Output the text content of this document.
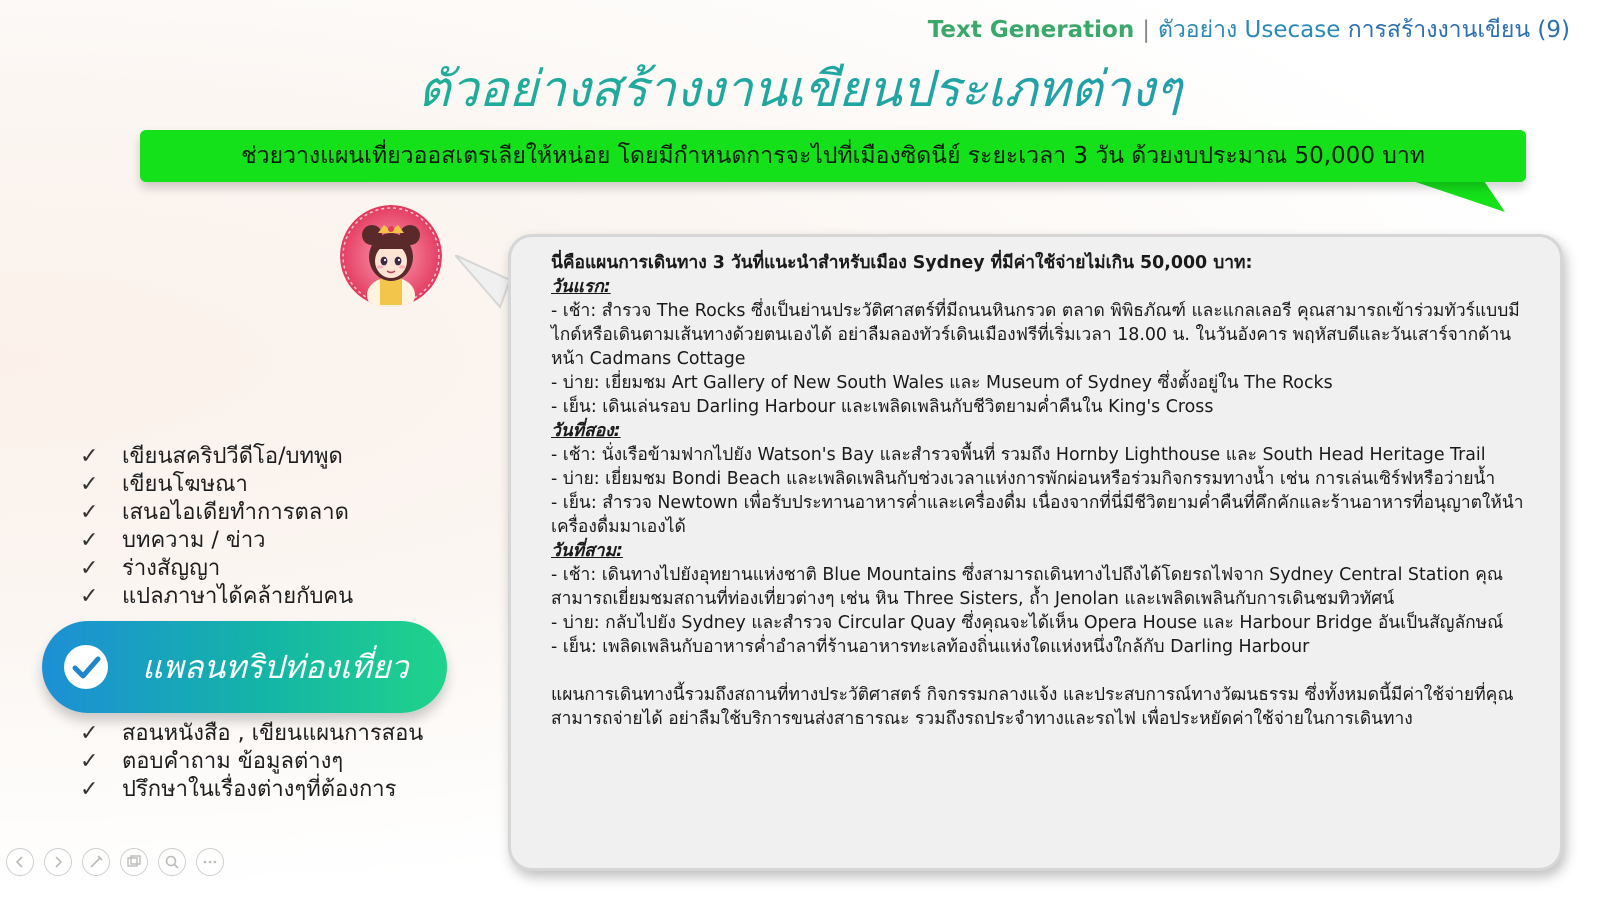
Text Generation | ตัวอย่าง Usecase การสร้างงานเขียน (9)
ตัวอย่างสร้างงานเขียนประเภทต่างๆ
ช่วยวางแผนเที่ยวออสเตรเลียให้หน่อย โดยมีกำหนดการจะไปที่เมืองซิดนีย์ ระยะเวลา 3 วัน ด้วยงบประมาณ 50,000 บาท

นี่คือแผนการเดินทาง 3 วันที่แนะนำสำหรับเมือง Sydney ที่มีค่าใช้จ่ายไม่เกิน 50,000 บาท:

วันแรก:

- เช้า: สำรวจ The Rocks ซึ่งเป็นย่านประวัติศาสตร์ที่มีถนนหินกรวด ตลาด พิพิธภัณฑ์ และแกลเลอรี คุณสามารถเข้าร่วมทัวร์แบบมีไกด์หรือเดินตามเส้นทางด้วยตนเองได้ อย่าลืมลองทัวร์เดินเมืองฟรีที่เริ่มเวลา 18.00 น. ในวันอังคาร พฤหัสบดีและวันเสาร์จากด้านหน้า Cadmans Cottage

- บ่าย: เยี่ยมชม Art Gallery of New South Wales และ Museum of Sydney ซึ่งตั้งอยู่ใน The Rocks

- เย็น: เดินเล่นรอบ Darling Harbour และเพลิดเพลินกับชีวิตยามค่ำคืนใน King's Cross

วันที่สอง:

- เช้า: นั่งเรือข้ามฟากไปยัง Watson's Bay และสำรวจพื้นที่ รวมถึง Hornby Lighthouse และ South Head Heritage Trail

- บ่าย: เยี่ยมชม Bondi Beach และเพลิดเพลินกับช่วงเวลาแห่งการพักผ่อนหรือร่วมกิจกรรมทางน้ำ เช่น การเล่นเซิร์ฟหรือว่ายน้ำ

- เย็น: สำรวจ Newtown เพื่อรับประทานอาหารค่ำและเครื่องดื่ม เนื่องจากที่นี่มีชีวิตยามค่ำคืนที่คึกคักและร้านอาหารที่อนุญาตให้นำเครื่องดื่มมาเองได้

วันที่สาม:

- เช้า: เดินทางไปยังอุทยานแห่งชาติ Blue Mountains ซึ่งสามารถเดินทางไปถึงได้โดยรถไฟจาก Sydney Central Station คุณสามารถเยี่ยมชมสถานที่ท่องเที่ยวต่างๆ เช่น หิน Three Sisters, ถ้ำ Jenolan และเพลิดเพลินกับการเดินชมทิวทัศน์

- บ่าย: กลับไปยัง Sydney และสำรวจ Circular Quay ซึ่งคุณจะได้เห็น Opera House และ Harbour Bridge อันเป็นสัญลักษณ์

- เย็น: เพลิดเพลินกับอาหารค่ำอำลาที่ร้านอาหารทะเลท้องถิ่นแห่งใดแห่งหนึ่งใกล้กับ Darling Harbour

แผนการเดินทางนี้รวมถึงสถานที่ทางประวัติศาสตร์ กิจกรรมกลางแจ้ง และประสบการณ์ทางวัฒนธรรม ซึ่งทั้งหมดนี้มีค่าใช้จ่ายที่คุณสามารถจ่ายได้ อย่าลืมใช้บริการขนส่งสาธารณะ รวมถึงรถประจำทางและรถไฟ เพื่อประหยัดค่าใช้จ่ายในการเดินทาง

✓ เขียนสคริปวีดีโอ/บทพูด
✓ เขียนโฆษณา
✓ เสนอไอเดียทำการตลาด
✓ บทความ / ข่าว
✓ ร่างสัญญา
✓ แปลภาษาได้คล้ายกับคน
แพลนทริปท่องเที่ยว
✓ สอนหนังสือ , เขียนแผนการสอน
✓ ตอบคำถาม ข้อมูลต่างๆ
✓ ปรึกษาในเรื่องต่างๆที่ต้องการ
